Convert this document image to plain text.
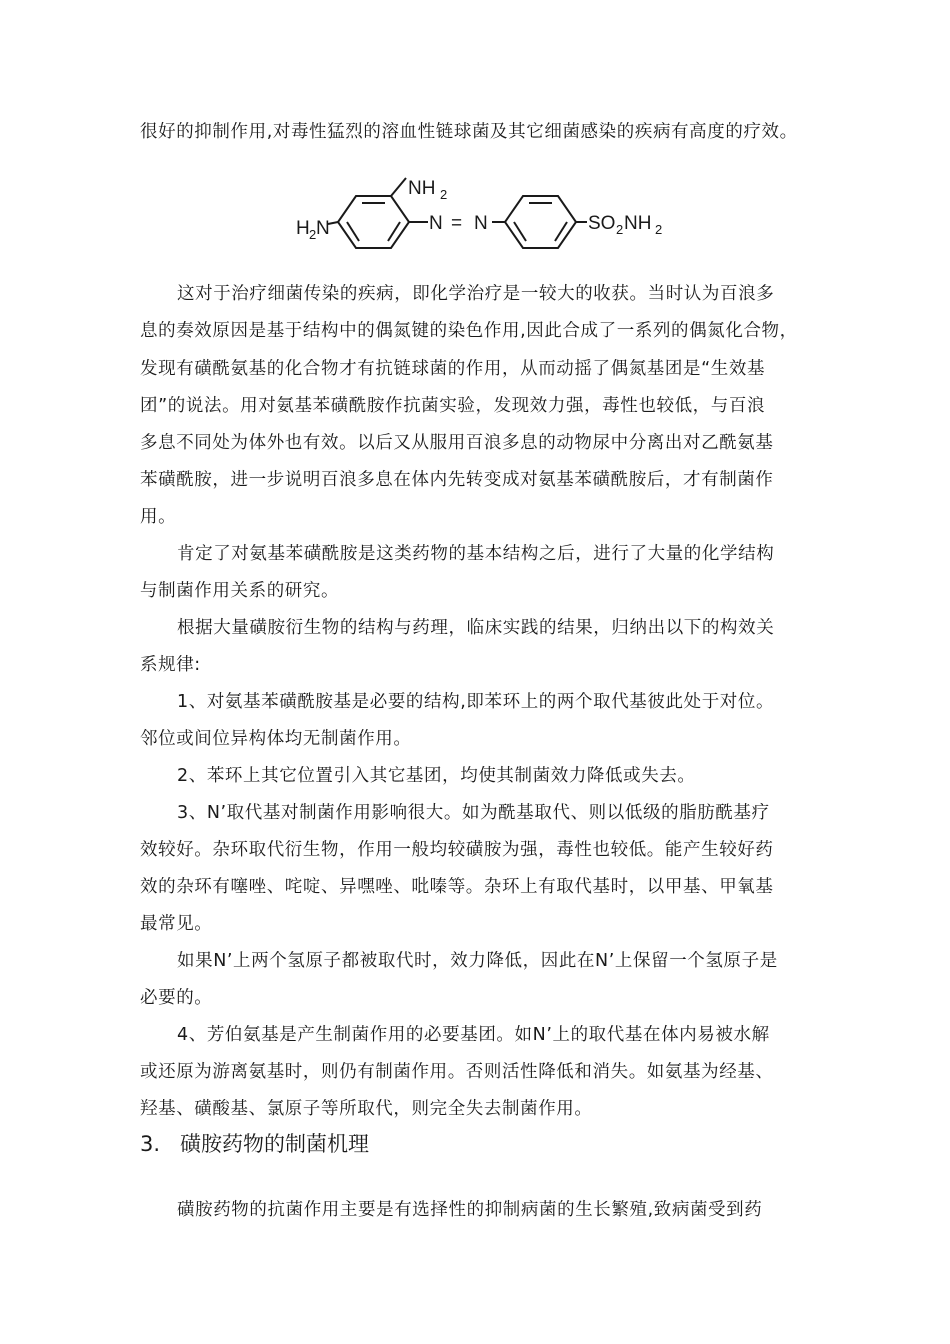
很好的抑制作用,对毒性猛烈的溶血性链球菌及其它细菌感染的疾病有高度的疗效。
NH 2
H 2 N	N = N	SO 2 NH 2
这对于治疗细菌传染的疾病，即化学治疗是一较大的收获。当时认为百浪多
息的奏效原因是基于结构中的偶氮键的染色作用,因此合成了一系列的偶氮化合物，
发现有磺酰氨基的化合物才有抗链球菌的作用，从而动摇了偶氮基团是“生效基
团”的说法。用对氨基苯磺酰胺作抗菌实验，发现效力强，毒性也较低，与百浪
多息不同处为体外也有效。以后又从服用百浪多息的动物尿中分离出对乙酰氨基
苯磺酰胺，进一步说明百浪多息在体内先转变成对氨基苯磺酰胺后，才有制菌作
用。
肯定了对氨基苯磺酰胺是这类药物的基本结构之后，进行了大量的化学结构
与制菌作用关系的研究。
根据大量磺胺衍生物的结构与药理，临床实践的结果，归纳出以下的构效关
系规律:
1、对氨基苯磺酰胺基是必要的结构,即苯环上的两个取代基彼此处于对位。
邻位或间位异构体均无制菌作用。
2、苯环上其它位置引入其它基团，均使其制菌效力降低或失去。
3、N’取代基对制菌作用影响很大。如为酰基取代、则以低级的脂肪酰基疗
效较好。杂环取代衍生物，作用一般均较磺胺为强，毒性也较低。能产生较好药
效的杂环有噻唑、咤啶、异嘿唑、吡嗪等。杂环上有取代基时，以甲基、甲氧基
最常见。
如果N’上两个氢原子都被取代时，效力降低，因此在N’上保留一个氢原子是
必要的。
4、芳伯氨基是产生制菌作用的必要基团。如N’上的取代基在体内易被水解
或还原为游离氨基时，则仍有制菌作用。否则活性降低和消失。如氨基为经基、
羟基、磺酸基、氯原子等所取代，则完全失去制菌作用。
3. 磺胺药物的制菌机理
磺胺药物的抗菌作用主要是有选择性的抑制病菌的生长繁殖,致病菌受到药
